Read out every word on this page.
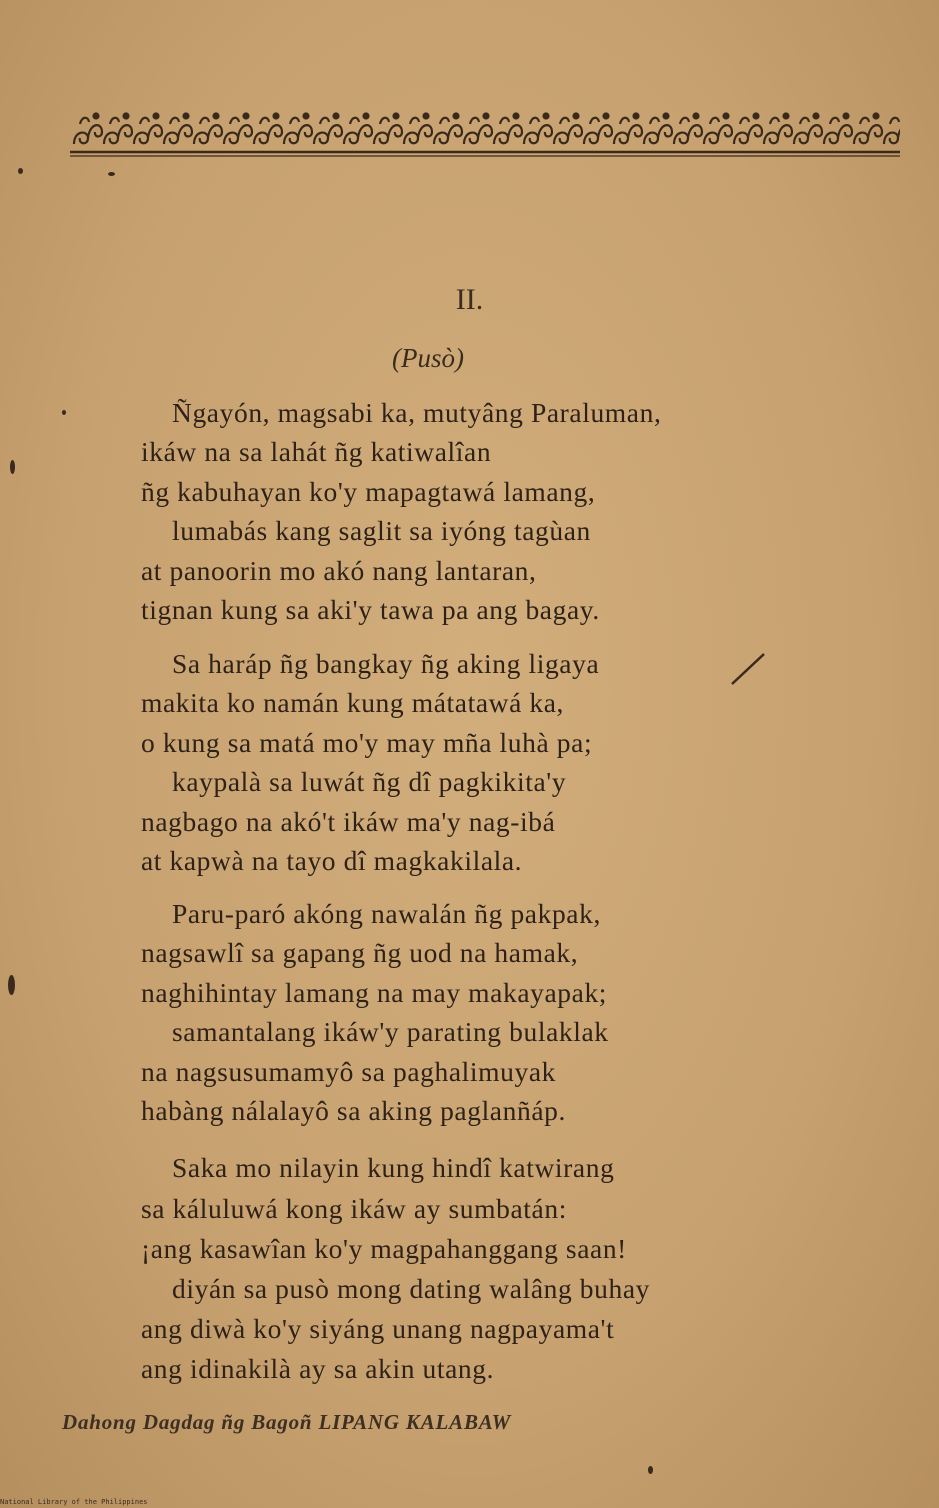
II.
(Pusò)
Ñgayón, magsabi ka, mutyâng Paraluman,
ikáw na sa lahát ñg katiwalîan
ñg kabuhayan ko'y mapagtawá lamang,
lumabás kang saglit sa iyóng tagùan
at panoorin mo akó nang lantaran,
tignan kung sa aki'y tawa pa ang bagay.
Sa haráp ñg bangkay ñg aking ligaya
makita ko namán kung mátatawá ka,
o kung sa matá mo'y may mña luhà pa;
kaypalà sa luwát ñg dî pagkikita'y
nagbago na akó't ikáw ma'y nag-ibá
at kapwà na tayo dî magkakilala.
Paru-paró akóng nawalán ñg pakpak,
nagsawlî sa gapang ñg uod na hamak,
naghihintay lamang na may makayapak;
samantalang ikáw'y parating bulaklak
na nagsusumamyô sa paghalimuyak
habàng nálalayô sa aking paglanñáp.
Saka mo nilayin kung hindî katwirang
sa káluluwá kong ikáw ay sumbatán:
¡ang kasawîan ko'y magpahanggang saan!
diyán sa pusò mong dating walâng buhay
ang diwà ko'y siyáng unang nagpayama't
ang idinakilà ay sa akin utang.
Dahong Dagdag ñg Bagoñ LIPANG KALABAW
National Library of the Philippines
